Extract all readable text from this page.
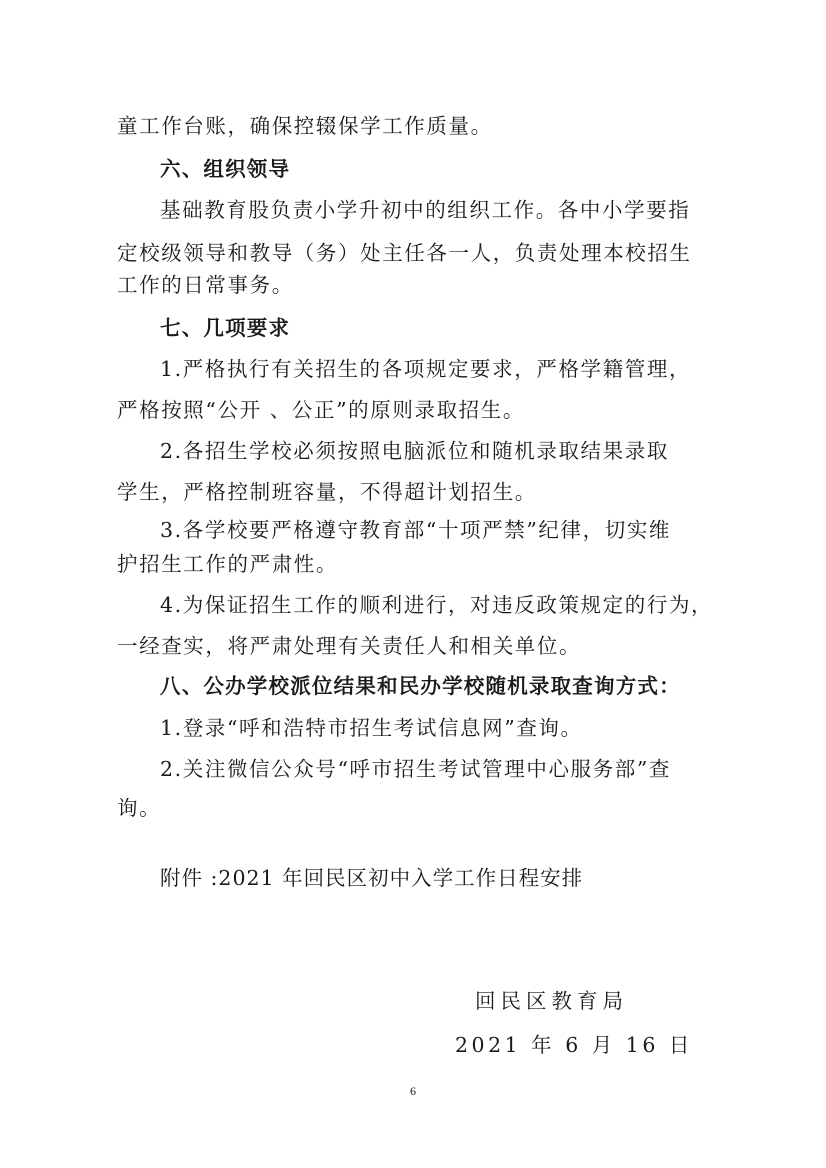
童工作台账，确保控辍保学工作质量。
六、组织领导
基础教育股负责小学升初中的组织工作。各中小学要指
定校级领导和教导（务）处主任各一人，负责处理本校招生
工作的日常事务。
七、几项要求
1.严格执行有关招生的各项规定要求，严格学籍管理，
严格按照“公开 、公正”的原则录取招生。
2.各招生学校必须按照电脑派位和随机录取结果录取
学生，严格控制班容量，不得超计划招生。
3.各学校要严格遵守教育部“十项严禁”纪律，切实维
护招生工作的严肃性。
4.为保证招生工作的顺利进行，对违反政策规定的行为，
一经查实，将严肃处理有关责任人和相关单位。
八、公办学校派位结果和民办学校随机录取查询方式：
1.登录“呼和浩特市招生考试信息网”查询。
2.关注微信公众号“呼市招生考试管理中心服务部”查
询。
附件 :2021 年回民区初中入学工作日程安排
回民区教育局
2021 年 6 月 16 日
6
